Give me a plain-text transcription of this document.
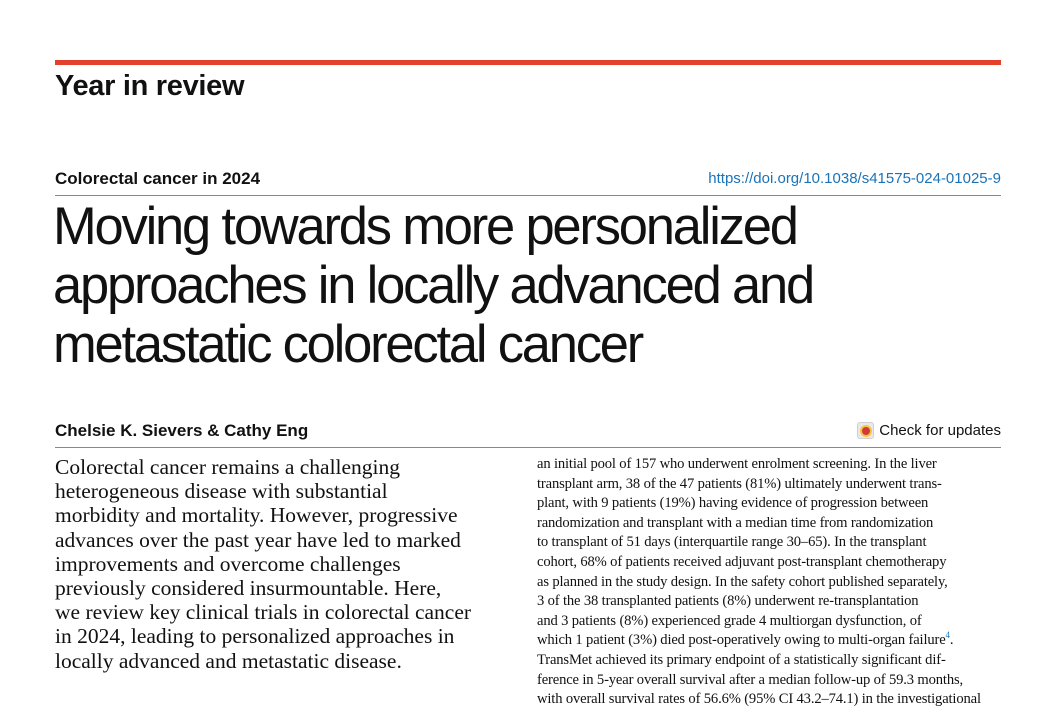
Year in review
Colorectal cancer in 2024	https://doi.org/10.1038/s41575-024-01025-9
Moving towards more personalized
approaches in locally advanced and
metastatic colorectal cancer
Chelsie K. Sievers & Cathy Eng	Check for updates
Colorectal cancer remains a challenging
heterogeneous disease with substantial
morbidity and mortality. However, progressive
advances over the past year have led to marked
improvements and overcome challenges
previously considered insurmountable. Here,
we review key clinical trials in colorectal cancer
in 2024, leading to personalized approaches in
locally advanced and metastatic disease.
an initial pool of 157 who underwent enrolment screening. In the liver
transplant arm, 38 of the 47 patients (81%) ultimately underwent trans-
plant, with 9 patients (19%) having evidence of progression between
randomization and transplant with a median time from randomization
to transplant of 51 days (interquartile range 30–65). In the transplant
cohort, 68% of patients received adjuvant post-transplant chemotherapy
as planned in the study design. In the safety cohort published separately,
3 of the 38 transplanted patients (8%) underwent re-transplantation
and 3 patients (8%) experienced grade 4 multiorgan dysfunction, of
which 1 patient (3%) died post-operatively owing to multi-organ failure$^4$.
TransMet achieved its primary endpoint of a statistically significant dif-
ference in 5-year overall survival after a median follow-up of 59.3 months,
with overall survival rates of 56.6% (95% CI 43.2–74.1) in the investigational
